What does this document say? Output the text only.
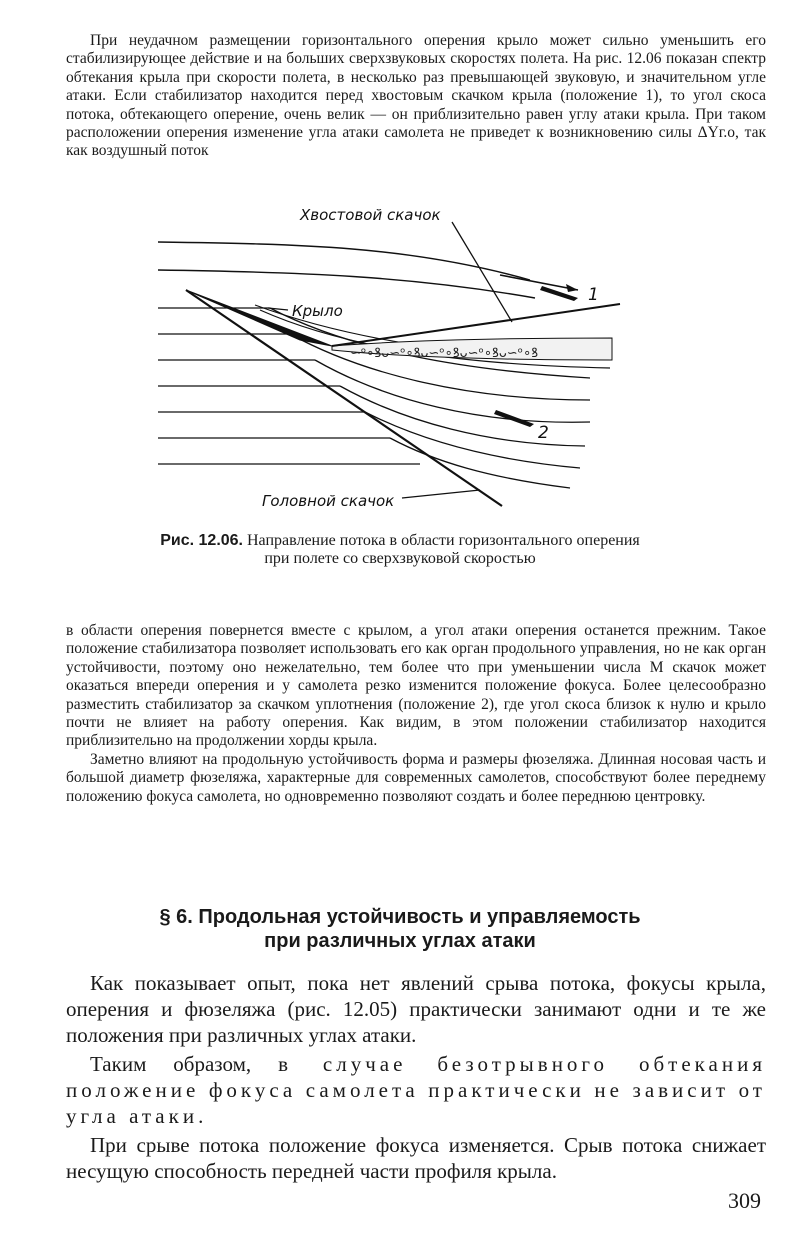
При неудачном размещении горизонтального оперения крыло может сильно уменьшить его стабилизирующее действие и на больших сверхзвуковых скоростях полета. На рис. 12.06 показан спектр обтекания крыла при скорости полета, в несколько раз превышающей звуковую, и значительном угле атаки. Если стабилизатор находится перед хвостовым скачком крыла (положение 1), то угол скоса потока, обтекающего оперение, очень велик — он приблизительно равен углу атаки крыла. При таком расположении оперения изменение угла атаки самолета не приведет к возникновению силы ΔYг.о, так как воздушный поток

∽ᵒ∘ꝸᴗ∽ᵒ∘ꝸᴗ∽ᵒ∘ꝸᴗ∽ᵒ∘ꝸᴗ∽ᵒ∘ꝸ
1
2
Хвостовой скачок
Крыло
Головной скачок
Рис. 12.06. Направление потока в области горизонтального оперения при полете со сверхзвуковой скоростью

в области оперения повернется вместе с крылом, а угол атаки оперения останется прежним. Такое положение стабилизатора позволяет использовать его как орган продольного управления, но не как орган устойчивости, поэтому оно нежелательно, тем более что при уменьшении числа M скачок может оказаться впереди оперения и у самолета резко изменится положение фокуса. Более целесообразно разместить стабилизатор за скачком уплотнения (положение 2), где угол скоса близок к нулю и крыло почти не влияет на работу оперения. Как видим, в этом положении стабилизатор находится приблизительно на продолжении хорды крыла.

Заметно влияют на продольную устойчивость форма и размеры фюзеляжа. Длинная носовая часть и большой диаметр фюзеляжа, характерные для современных самолетов, способствуют более переднему положению фокуса самолета, но одновременно позволяют создать и более переднюю центровку.

§ 6. Продольная устойчивость и управляемость
при различных углах атаки

Как показывает опыт, пока нет явлений срыва потока, фокусы крыла, оперения и фюзеляжа (рис. 12.05) практически занимают одни и те же положения при различных углах атаки.

Таким образом, в случае безотрывного обтекания положение фокуса самолета практически не зависит от угла атаки.

При срыве потока положение фокуса изменяется. Срыв потока снижает несущую способность передней части профиля крыла.

309
